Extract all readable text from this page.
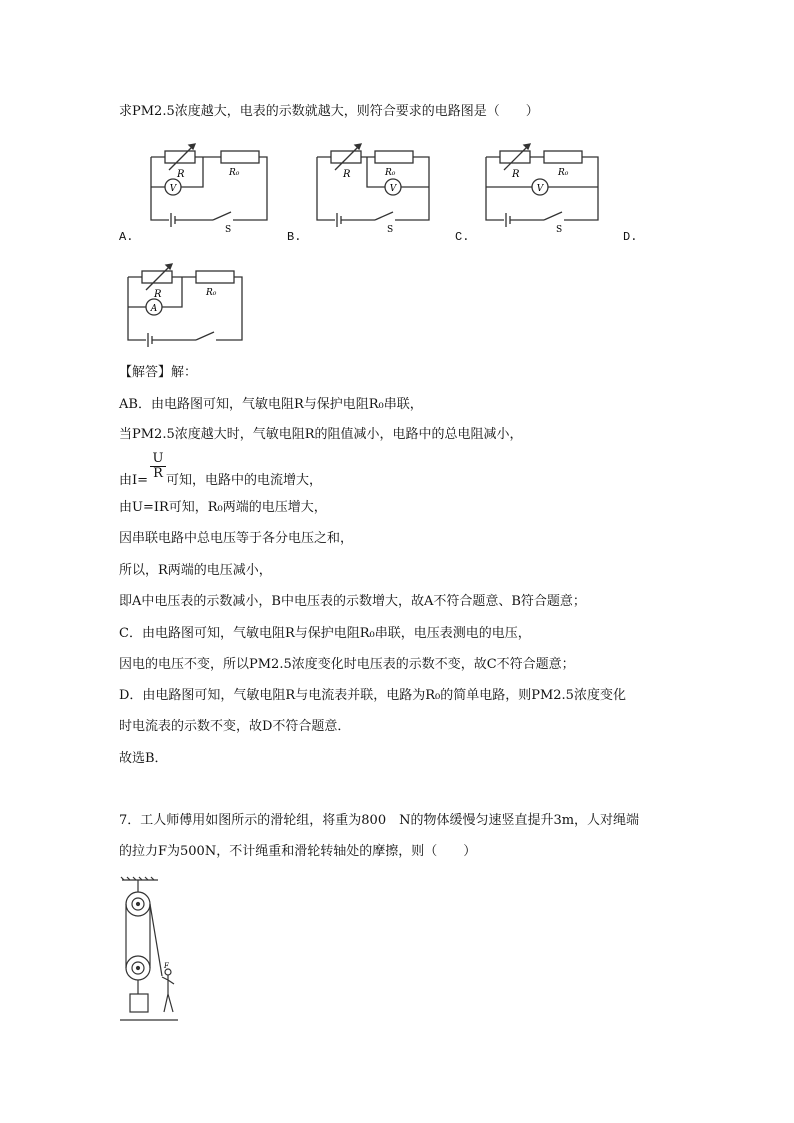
求PM2.5浓度越大，电表的示数就越大，则符合要求的电路图是（　　）
V
R	R₀
S
A.
V
R	R₀
S
B.
V
R	R₀
S
C.	D.
A
R	R₀
【解答】解：
AB．由电路图可知，气敏电阻R与保护电阻R₀串联，
当PM2.5浓度越大时，气敏电阻R的阻值减小，电路中的总电阻减小，
由I= 可知，电路中的电流增大，
$\frac{U}{R}$
由U=IR可知，R₀两端的电压增大，
因串联电路中总电压等于各分电压之和，
所以，R两端的电压减小，
即A中电压表的示数减小，B中电压表的示数增大，故A不符合题意、B符合题意；
C．由电路图可知，气敏电阻R与保护电阻R₀串联，电压表测电的电压，
因电的电压不变，所以PM2.5浓度变化时电压表的示数不变，故C不符合题意；
D．由电路图可知，气敏电阻R与电流表并联，电路为R₀的简单电路，则PM2.5浓度变化
时电流表的示数不变，故D不符合题意．
故选B．
7．工人师傅用如图所示的滑轮组，将重为800　N的物体缓慢匀速竖直提升3m，人对绳端
的拉力F为500N，不计绳重和滑轮转轴处的摩擦，则（　　）
F
